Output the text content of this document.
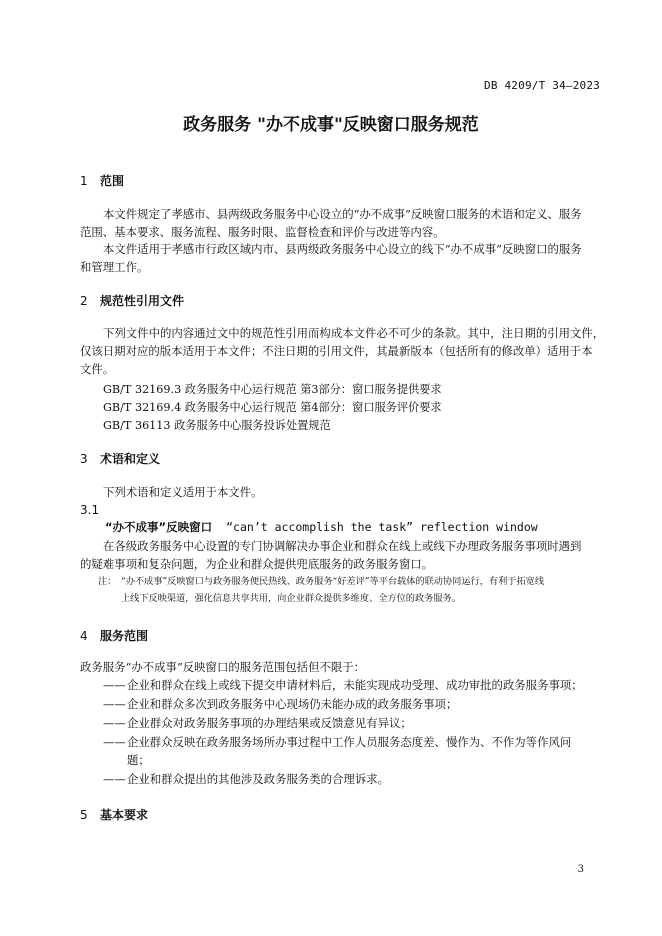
DB 4209/T 34—2023
政务服务 "办不成事"反映窗口服务规范
1 范围
本文件规定了孝感市、县两级政务服务中心设立的“办不成事”反映窗口服务的术语和定义、服务
范围、基本要求、服务流程、服务时限、监督检查和评价与改进等内容。
本文件适用于孝感市行政区域内市、县两级政务服务中心设立的线下“办不成事”反映窗口的服务
和管理工作。
2 规范性引用文件
下列文件中的内容通过文中的规范性引用而构成本文件必不可少的条款。其中，注日期的引用文件，
仅该日期对应的版本适用于本文件；不注日期的引用文件，其最新版本（包括所有的修改单）适用于本
文件。
GB/T 32169.3 政务服务中心运行规范 第3部分：窗口服务提供要求
GB/T 32169.4 政务服务中心运行规范 第4部分：窗口服务评价要求
GB/T 36113 政务服务中心服务投诉处置规范
3 术语和定义
下列术语和定义适用于本文件。
3.1
“办不成事”反映窗口 “can’t accomplish the task” reflection window
在各级政务服务中心设置的专门协调解决办事企业和群众在线上或线下办理政务服务事项时遇到
的疑难事项和复杂问题，为企业和群众提供兜底服务的政务服务窗口。
注： “办不成事”反映窗口与政务服务便民热线、政务服务“好差评”等平台载体的联动协同运行，有利于拓宽线
上线下反映渠道，强化信息共享共用，向企业群众提供多维度、全方位的政务服务。
4 服务范围
政务服务“办不成事”反映窗口的服务范围包括但不限于：
——企业和群众在线上或线下提交申请材料后，未能实现成功受理、成功审批的政务服务事项；
——企业和群众多次到政务服务中心现场仍未能办成的政务服务事项；
——企业群众对政务服务事项的办理结果或反馈意见有异议；
——企业群众反映在政务服务场所办事过程中工作人员服务态度差、慢作为、不作为等作风问
题；
——企业和群众提出的其他涉及政务服务类的合理诉求。
5 基本要求
3
